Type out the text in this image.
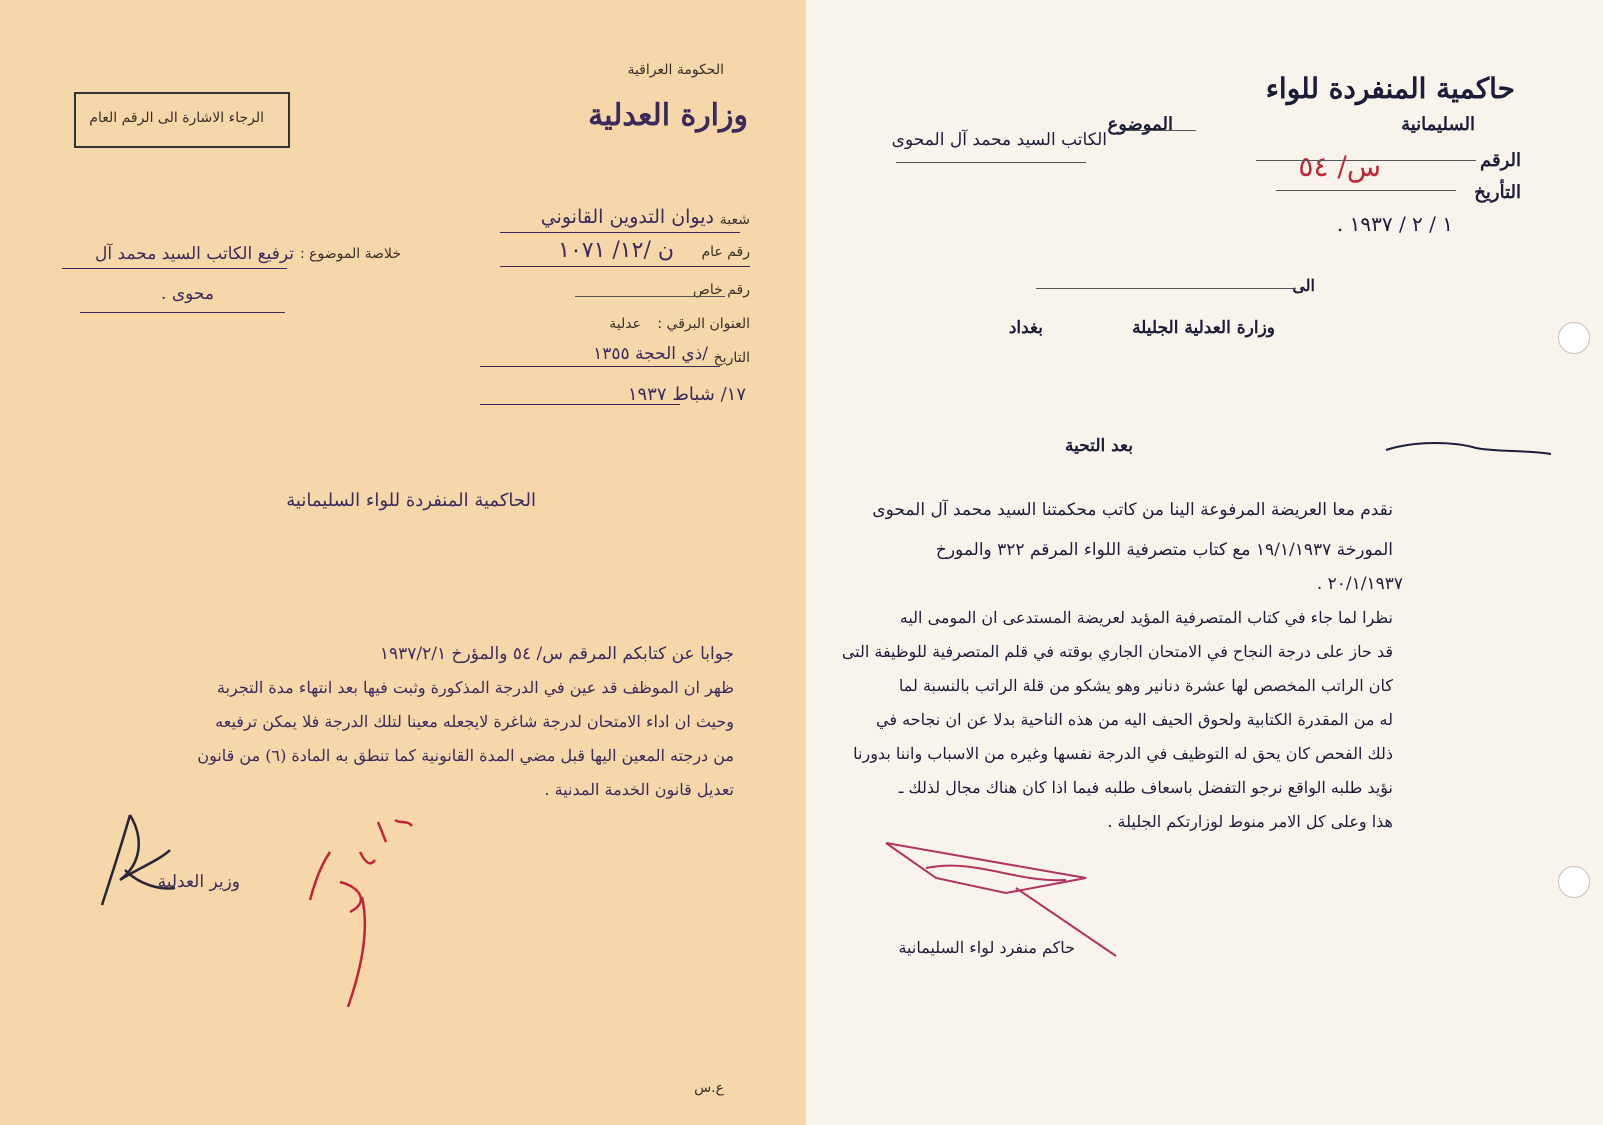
الحكومة العراقية
وزارة العدلية
الرجاء الاشارة الى الرقم العام
شعبة
ديوان التدوين القانوني
رقم عام
ن /١٢/ ١٠٧١
رقم خاص
العنوان البرقي :
عدلية
التاريخ
/ذي الحجة ١٣٥٥
١٧/ شباط ١٩٣٧
خلاصة الموضوع :
ترفيع الكاتب السيد محمد آل
محوى .
الحاكمية المنفردة للواء السليمانية
جوابا عن كتابكم المرقم س/ ٥٤ والمؤرخ ١٩٣٧/٢/١
ظهر ان الموظف قد عين في الدرجة المذكورة وثبت فيها بعد انتهاء مدة التجربة
وحيث ان اداء الامتحان لدرجة شاغرة لايجعله معينا لتلك الدرجة فلا يمكن ترفيعه
من درجته المعين اليها قبل مضي المدة القانونية كما تنطق به المادة (٦) من قانون
تعديل قانون الخدمة المدنية .
وزير العدلية
ع.س
حاكمية المنفردة للواء
السليمانية
الموضوع
الكاتب السيد محمد آل المحوى
الرقم
س/ ٥٤
التأريخ
١ / ٢ / ١٩٣٧ .
الى
وزارة العدلية الجليلة
بغداد
بعد التحية
نقدم معا العريضة المرفوعة الينا من كاتب محكمتنا السيد محمد آل المحوى
المورخة ١٩/١/١٩٣٧ مع كتاب متصرفية اللواء المرقم ٣٢٢ والمورخ
٢٠/١/١٩٣٧ .
نظرا لما جاء في كتاب المتصرفية المؤيد لعريضة المستدعى ان المومى اليه
قد حاز على درجة النجاح في الامتحان الجاري بوقته في قلم المتصرفية للوظيفة التى
كان الراتب المخصص لها عشرة دنانير وهو يشكو من قلة الراتب بالنسبة لما
له من المقدرة الكتابية ولحوق الحيف اليه من هذه الناحية بدلا عن ان نجاحه في
ذلك الفحص كان يحق له التوظيف في الدرجة نفسها وغيره من الاسباب واننا بدورنا
نؤيد طلبه الواقع نرجو التفضل باسعاف طلبه فيما اذا كان هناك مجال لذلك ـ
هذا وعلى كل الامر منوط لوزارتكم الجليلة .
حاكم منفرد لواء السليمانية
